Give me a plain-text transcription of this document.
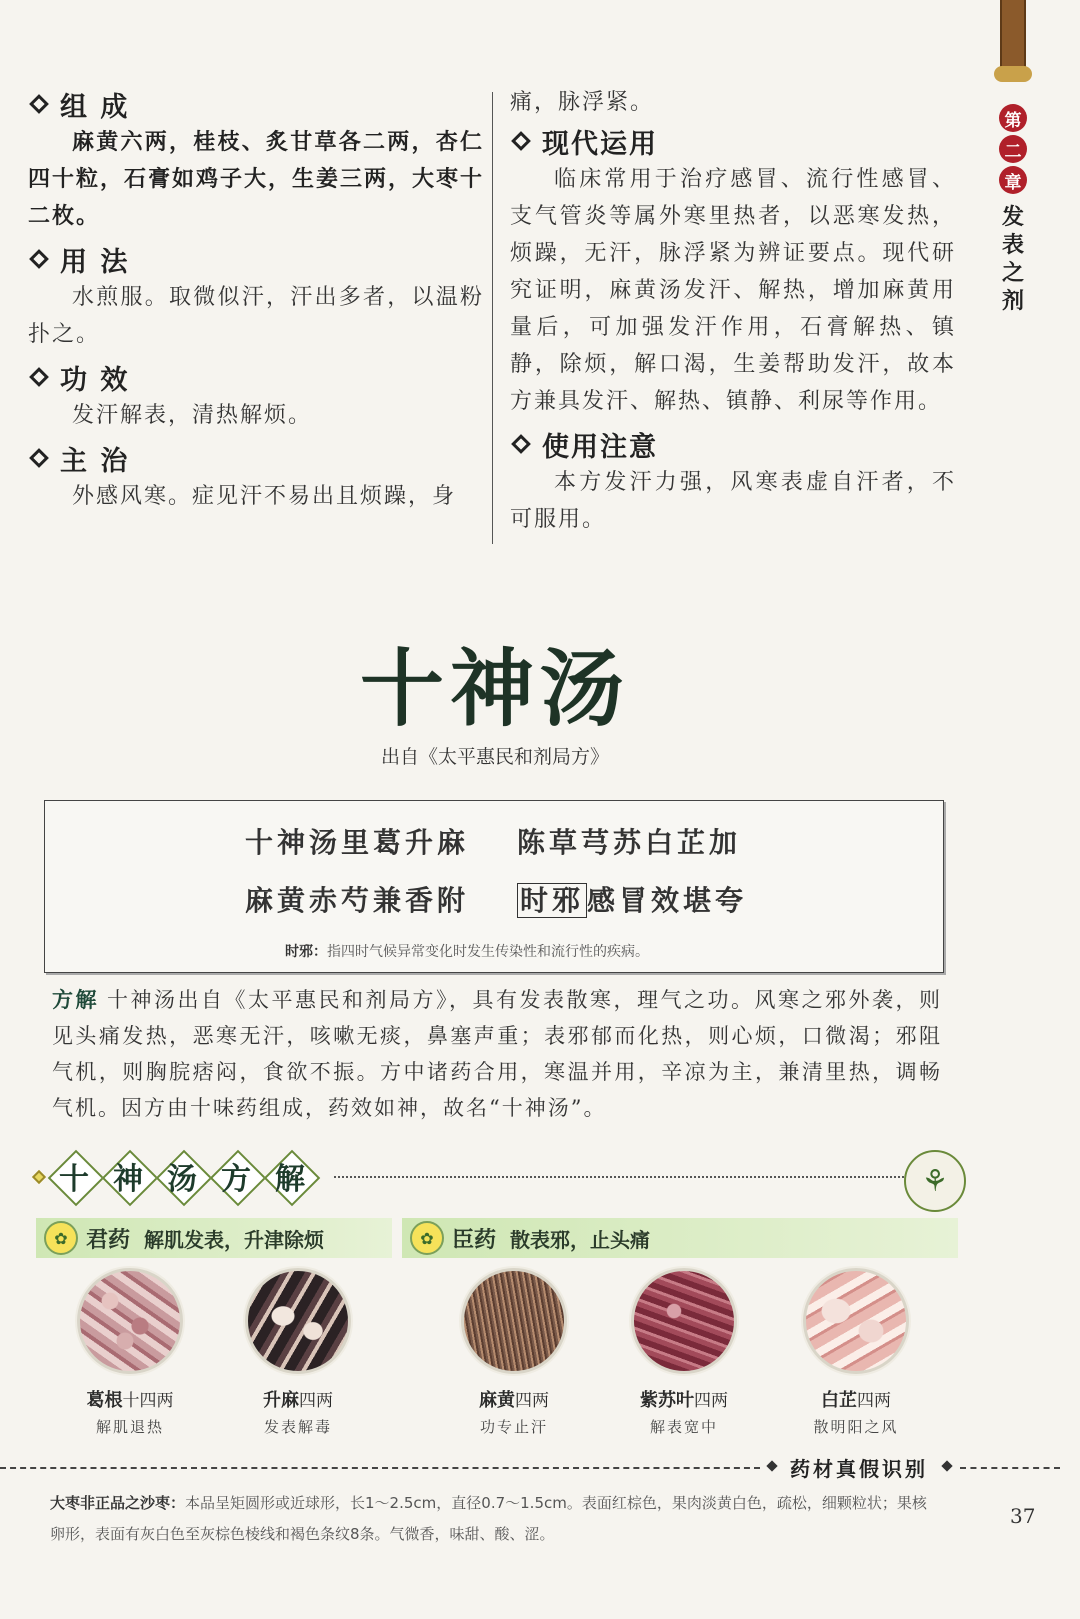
组 成

麻黄六两，桂枝、炙甘草各二两，杏仁四十粒，石膏如鸡子大，生姜三两，大枣十二枚。

用 法

水煎服。取微似汗，汗出多者，以温粉扑之。

功 效

发汗解表，清热解烦。

主 治

外感风寒。症见汗不易出且烦躁，身

痛，脉浮紧。

现代运用

临床常用于治疗感冒、流行性感冒、支气管炎等属外寒里热者，以恶寒发热，烦躁，无汗，脉浮紧为辨证要点。现代研究证明，麻黄汤发汗、解热，增加麻黄用量后，可加强发汗作用，石膏解热、镇静，除烦，解口渴，生姜帮助发汗，故本方兼具发汗、解热、镇静、利尿等作用。

使用注意

本方发汗力强，风寒表虚自汗者，不可服用。

第
二
章
发表之剂
十神汤
出自《太平惠民和剂局方》
十神汤里葛升麻 陈草芎苏白芷加
麻黄赤芍兼香附 时邪 感冒效堪夸
时邪：指四时气候异常变化时发生传染性和流行性的疾病。

方解 十神汤出自《太平惠民和剂局方》，具有发表散寒，理气之功。风寒之邪外袭，则见头痛发热，恶寒无汗，咳嗽无痰，鼻塞声重；表邪郁而化热，则心烦，口微渴；邪阻气机，则胸脘痞闷，食欲不振。方中诸药合用，寒温并用，辛凉为主，兼清里热，调畅气机。因方由十味药组成，药效如神，故名“十神汤”。

十 神 汤 方 解	⚘
✿ 君药 解肌发表，升津除烦	✿ 臣药 散表邪，止头痛
葛根十四两
解肌退热
升麻四两
发表解毒
麻黄四两
功专止汗
紫苏叶四两
解表宽中
白芷四两
散明阳之风
药材真假识别

大枣非正品之沙枣：本品呈矩圆形或近球形，长1～2.5cm，直径0.7～1.5cm。表面红棕色，果肉淡黄白色，疏松，细颗粒状；果核卵形，表面有灰白色至灰棕色棱线和褐色条纹8条。气微香，味甜、酸、涩。

37
